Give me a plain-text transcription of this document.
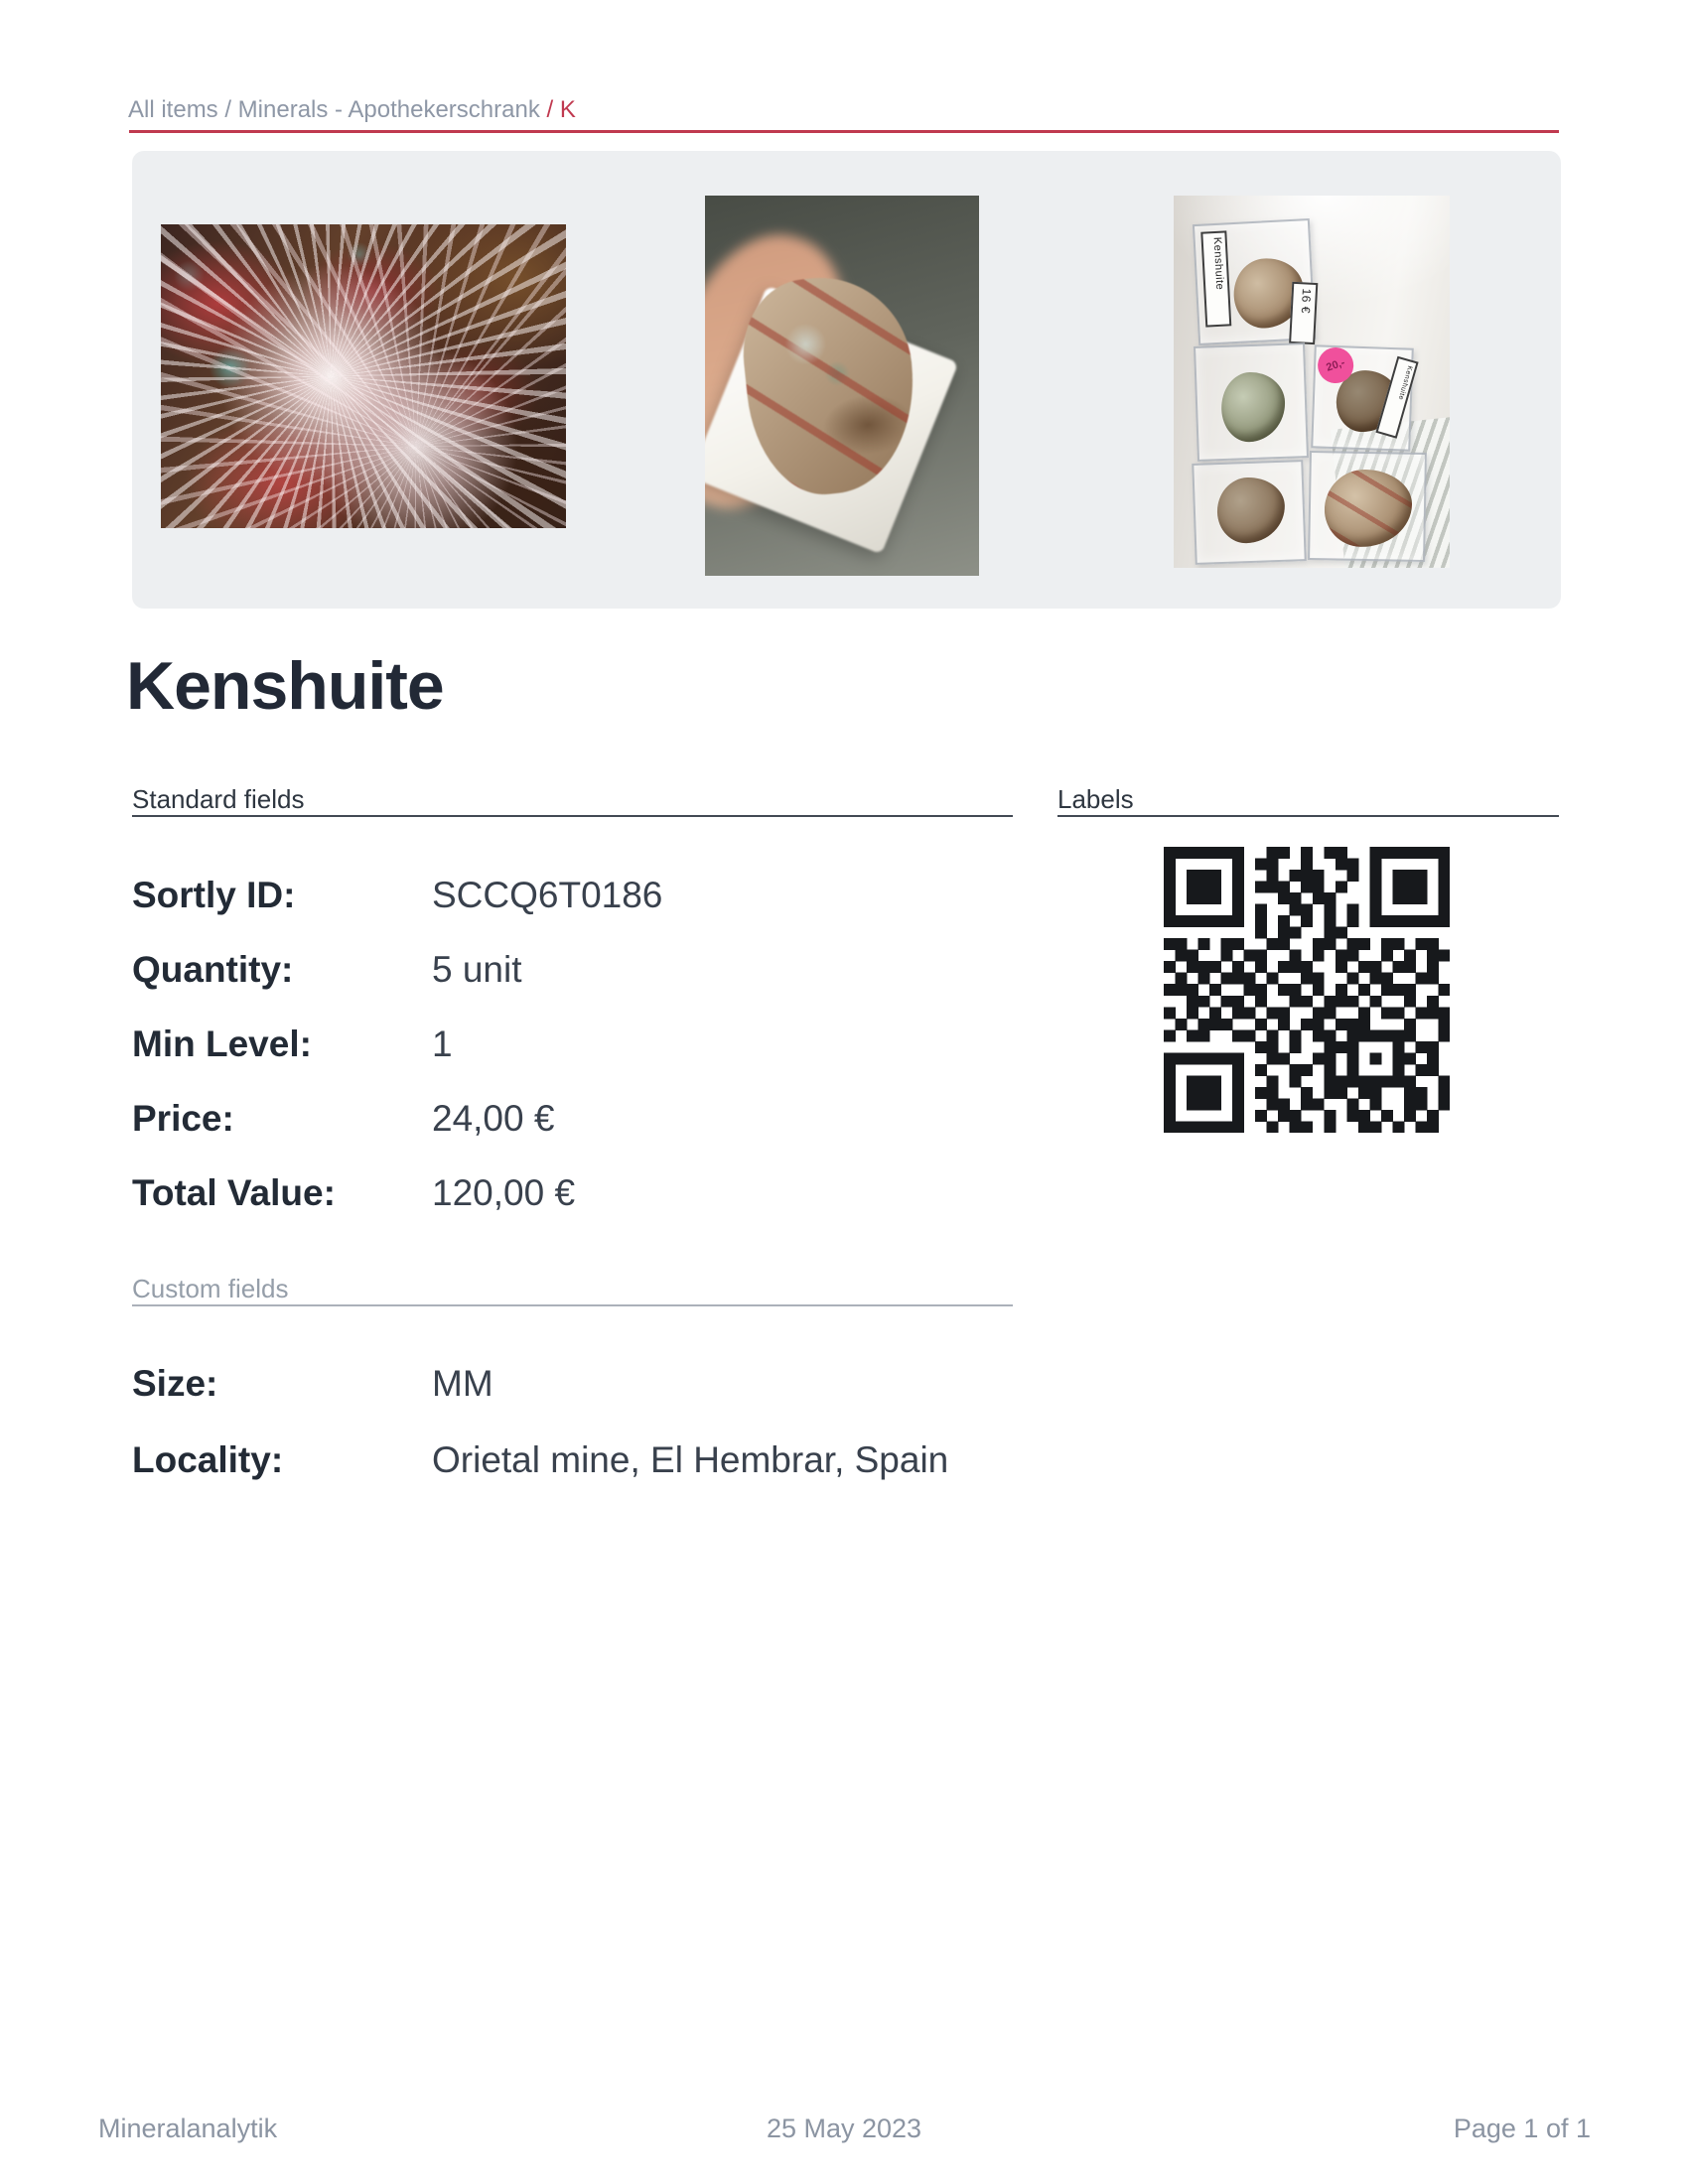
All items / Minerals - Apothekerschrank / K
Kenshuite
16 €
20,-	Kenshuite
Kenshuite
Standard fields
Sortly ID:	SCCQ6T0186
Quantity:	5 unit
Min Level:	1
Price:	24,00 €
Total Value:	120,00 €
Labels
Custom fields
Size:	MM
Locality:	Orietal mine, El Hembrar, Spain
25 May 2023
Mineralanalytik	Page 1 of 1
